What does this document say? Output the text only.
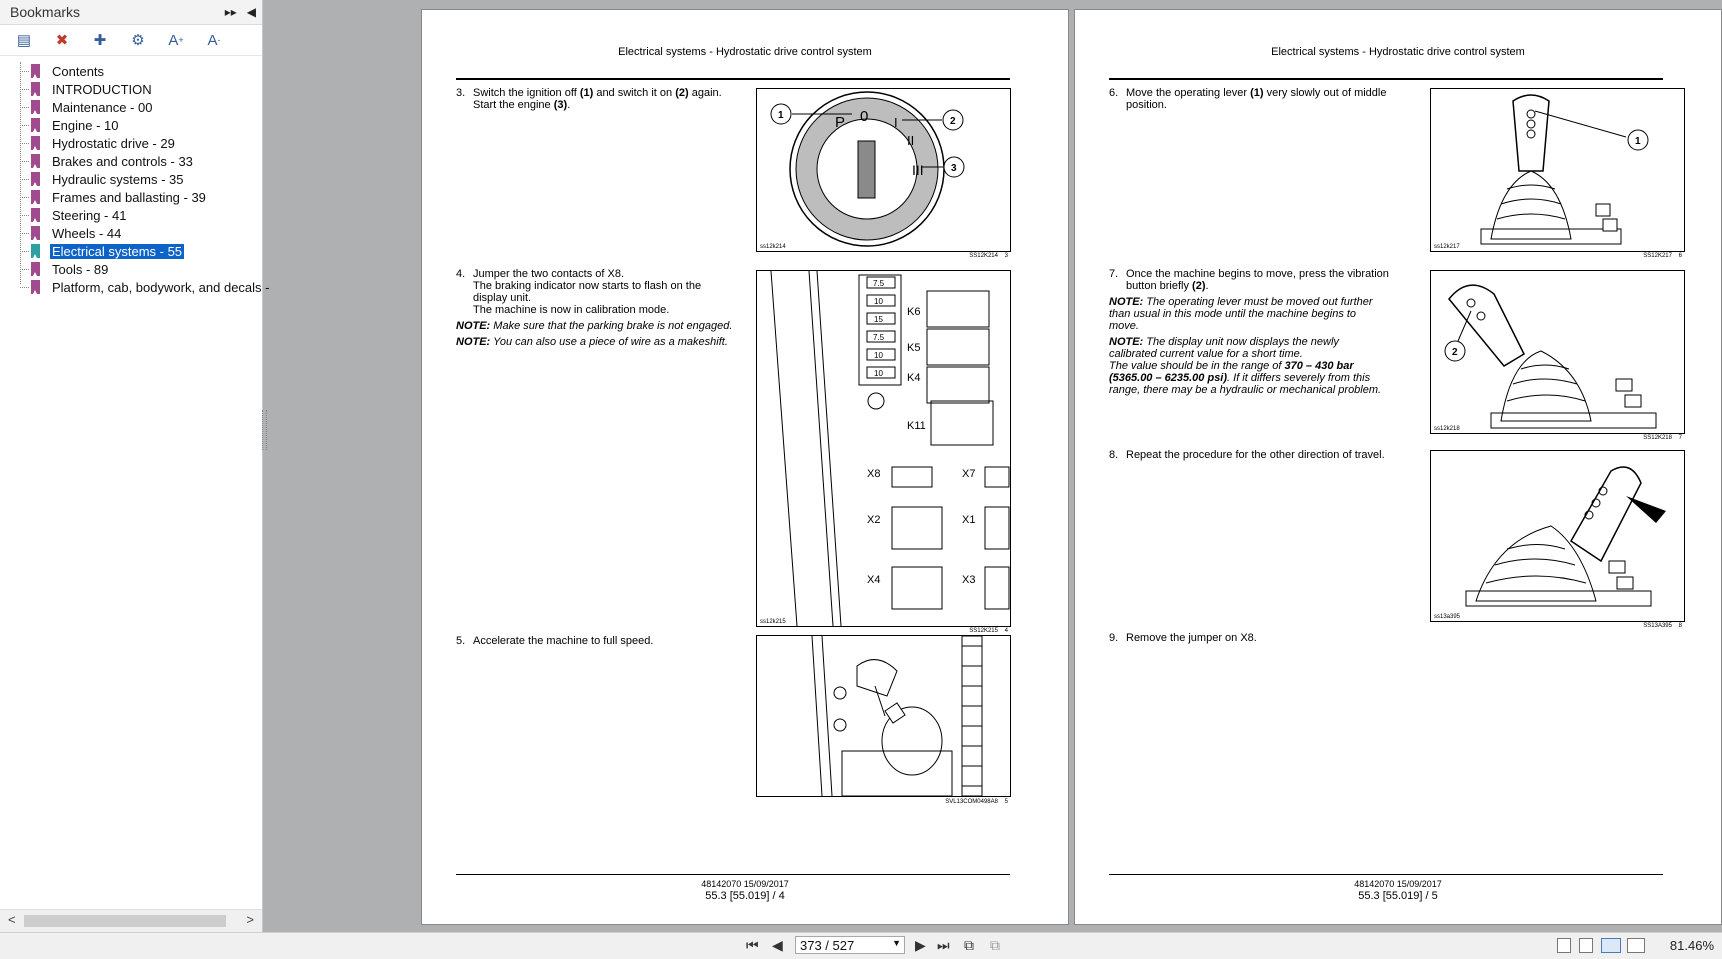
Bookmarks	▸▸ ◀
▤ ✖ ✚ ⚙ A + A -
Contents
INTRODUCTION
Maintenance - 00
Engine - 10
Hydrostatic drive - 29
Brakes and controls - 33
Hydraulic systems - 35
Frames and ballasting - 39
Steering - 41
Wheels - 44
Electrical systems - 55
Tools - 89
Platform, cab, bodywork, and decals -
<	>
Electrical systems - Hydrostatic drive control system
3. Switch the ignition off (1) and switch it on (2) again.
Start the engine (3).
P 0 I
II
III
1
2
3
ss12k214
SS12K214 3
4. Jumper the two contacts of X8.
The braking indicator now starts to flash on the display unit.
The machine is now in calibration mode.
NOTE: Make sure that the parking brake is not engaged.
NOTE: You can also use a piece of wire as a makeshift.
7.5
10
15
7.5
10
10
K6
K5
K4
K11
X8	X7
X2	X1
X4	X3
ss12k215
SS12K215 4
5. Accelerate the machine to full speed.
SVL13COM0498A8 5
48142070 15/09/2017
55.3 [55.019] / 4
Electrical systems - Hydrostatic drive control system
6. Move the operating lever (1) very slowly out of middle
position.
1
ss12k217
SS12K217 6
7. Once the machine begins to move, press the vibration
button briefly (2).
NOTE: The operating lever must be moved out further than usual in this mode until the machine begins to move.
NOTE: The display unit now displays the newly calibrated current value for a short time.
The value should be in the range of 370 – 430 bar (5365.00 – 6235.00 psi). If it differs severely from this range, there may be a hydraulic or mechanical problem.
2
ss12k218
SS12K218 7
8. Repeat the procedure for the other direction of travel.
ss13a395
SS13A395 8
9. Remove the jumper on X8.
48142070 15/09/2017
55.3 [55.019] / 5
⏮ ◀ 373 / 527	▼ ▶ ⏭ ⧉ ⧉	81.46%
